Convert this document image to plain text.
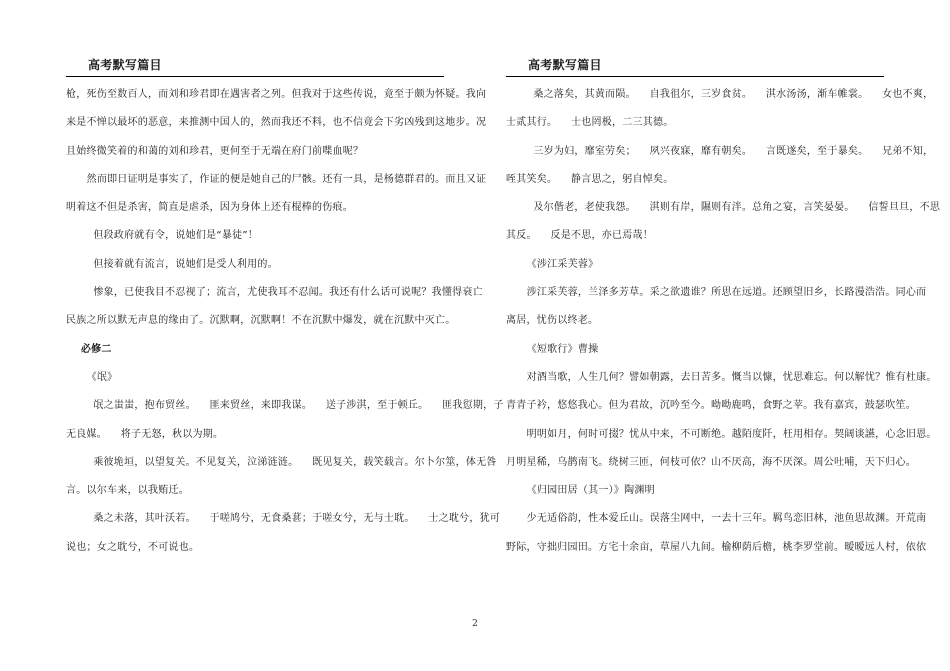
高考默写篇目
枪，死伤至数百人，而刘和珍君即在遇害者之列。但我对于这些传说，竟至于颇为怀疑。我向
来是不惮以最坏的恶意，来推测中国人的，然而我还不料，也不信竟会下劣凶残到这地步。况
且始终微笑着的和蔼的刘和珍君，更何至于无端在府门前喋血呢？
然而即日证明是事实了，作证的便是她自己的尸骸。还有一具，是杨德群君的。而且又证
明着这不但是杀害，简直是虐杀，因为身体上还有棍棒的伤痕。
但段政府就有令，说她们是“暴徒”！
但接着就有流言，说她们是受人利用的。
惨象，已使我目不忍视了；流言，尤使我耳不忍闻。我还有什么话可说呢？我懂得衰亡
民族之所以默无声息的缘由了。沉默啊，沉默啊！不在沉默中爆发，就在沉默中灭亡。
必修二
《氓》
氓之蚩蚩，抱布贸丝。    匪来贸丝，来即我谋。    送子涉淇，至于顿丘。    匪我愆期，子
无良媒。    将子无怒，秋以为期。
乘彼垝垣，以望复关。不见复关，泣涕涟涟。    既见复关，载笑载言。尔卜尔筮，体无咎
言。以尔车来，以我贿迁。
桑之未落，其叶沃若。    于嗟鸠兮，无食桑葚；于嗟女兮，无与士耽。    士之耽兮，犹可
说也；女之耽兮，不可说也。
高考默写篇目
桑之落矣，其黄而陨。    自我徂尔，三岁食贫。    淇水汤汤，渐车帷裳。    女也不爽，
士贰其行。    士也罔极，二三其德。
三岁为妇，靡室劳矣；    夙兴夜寐，靡有朝矣。    言既遂矣，至于暴矣。    兄弟不知，
咥其笑矣。    静言思之，躬自悼矣。
及尔偕老，老使我怨。    淇则有岸，隰则有泮。总角之宴，言笑晏晏。    信誓旦旦，不思
其反。    反是不思，亦已焉哉！
《涉江采芙蓉》
涉江采芙蓉，兰泽多芳草。采之欲遗谁？所思在远道。还顾望旧乡，长路漫浩浩。同心而
离居，忧伤以终老。
《短歌行》曹操
对酒当歌，人生几何？譬如朝露，去日苦多。慨当以慷，忧思难忘。何以解忧？惟有杜康。
青青子衿，悠悠我心。但为君故，沉吟至今。呦呦鹿鸣，食野之苹。我有嘉宾，鼓瑟吹笙。
明明如月，何时可掇？忧从中来，不可断绝。越陌度阡，枉用相存。契阔谈讌，心念旧恩。
月明星稀，乌鹊南飞。绕树三匝，何枝可依？山不厌高，海不厌深。周公吐哺，天下归心。
《归园田居（其一）》陶渊明
少无适俗韵，性本爱丘山。误落尘网中，一去十三年。羁鸟恋旧林，池鱼思故渊。开荒南
野际，守拙归园田。方宅十余亩，草屋八九间。榆柳荫后檐，桃李罗堂前。暧暧远人村，依依
2
